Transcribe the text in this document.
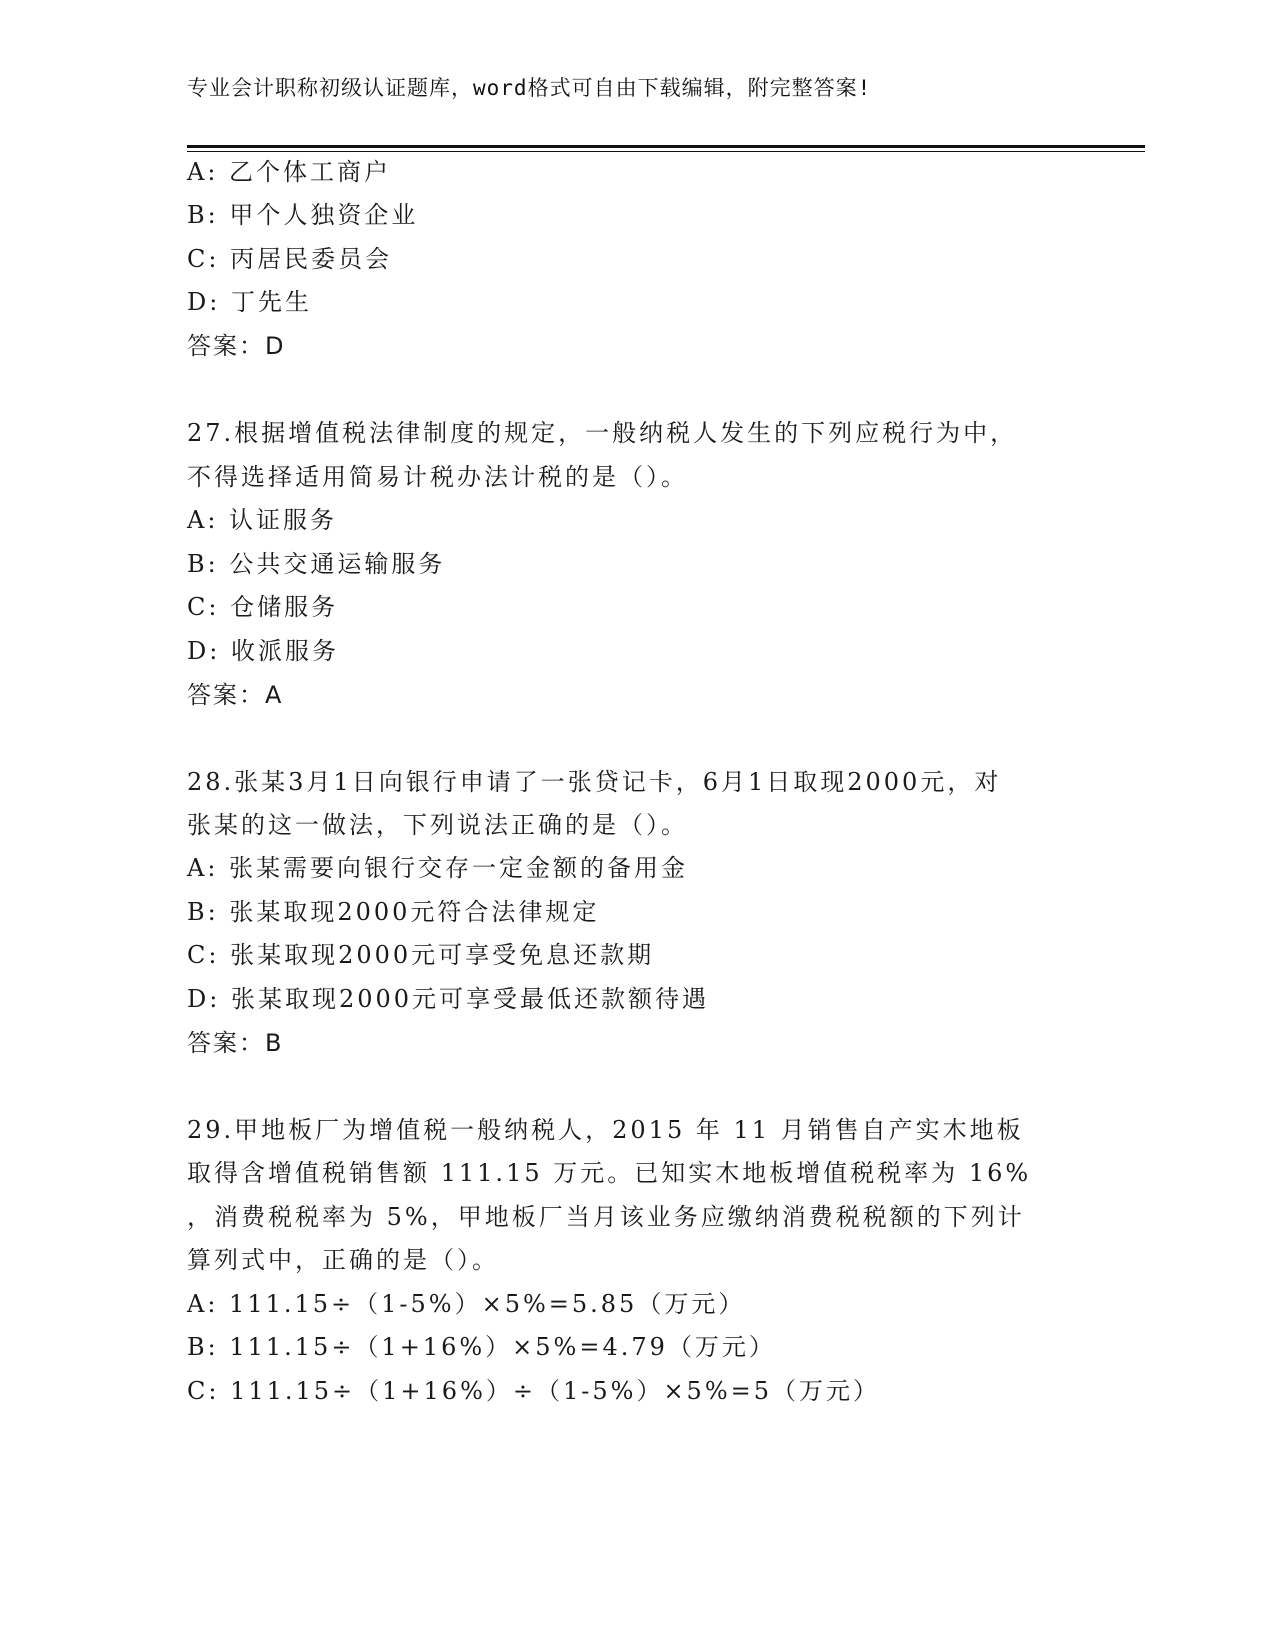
专业会计职称初级认证题库，word格式可自由下载编辑，附完整答案!
A: 乙个体工商户
B: 甲个人独资企业
C: 丙居民委员会
D: 丁先生
答案：D
27.根据增值税法律制度的规定，一般纳税人发生的下列应税行为中，
不得选择适用简易计税办法计税的是（）。
A: 认证服务
B: 公共交通运输服务
C: 仓储服务
D: 收派服务
答案：A
28.张某3月1日向银行申请了一张贷记卡，6月1日取现2000元，对
张某的这一做法，下列说法正确的是（）。
A: 张某需要向银行交存一定金额的备用金
B: 张某取现2000元符合法律规定
C: 张某取现2000元可享受免息还款期
D: 张某取现2000元可享受最低还款额待遇
答案：B
29.甲地板厂为增值税一般纳税人，2015 年 11 月销售自产实木地板
取得含增值税销售额 111.15 万元。已知实木地板增值税税率为 16%
，消费税税率为 5%，甲地板厂当月该业务应缴纳消费税税额的下列计
算列式中，正确的是（）。
A: 111.15÷（1-5%）×5%=5.85（万元）
B: 111.15÷（1+16%）×5%=4.79（万元）
C: 111.15÷（1+16%）÷（1-5%）×5%=5（万元）
